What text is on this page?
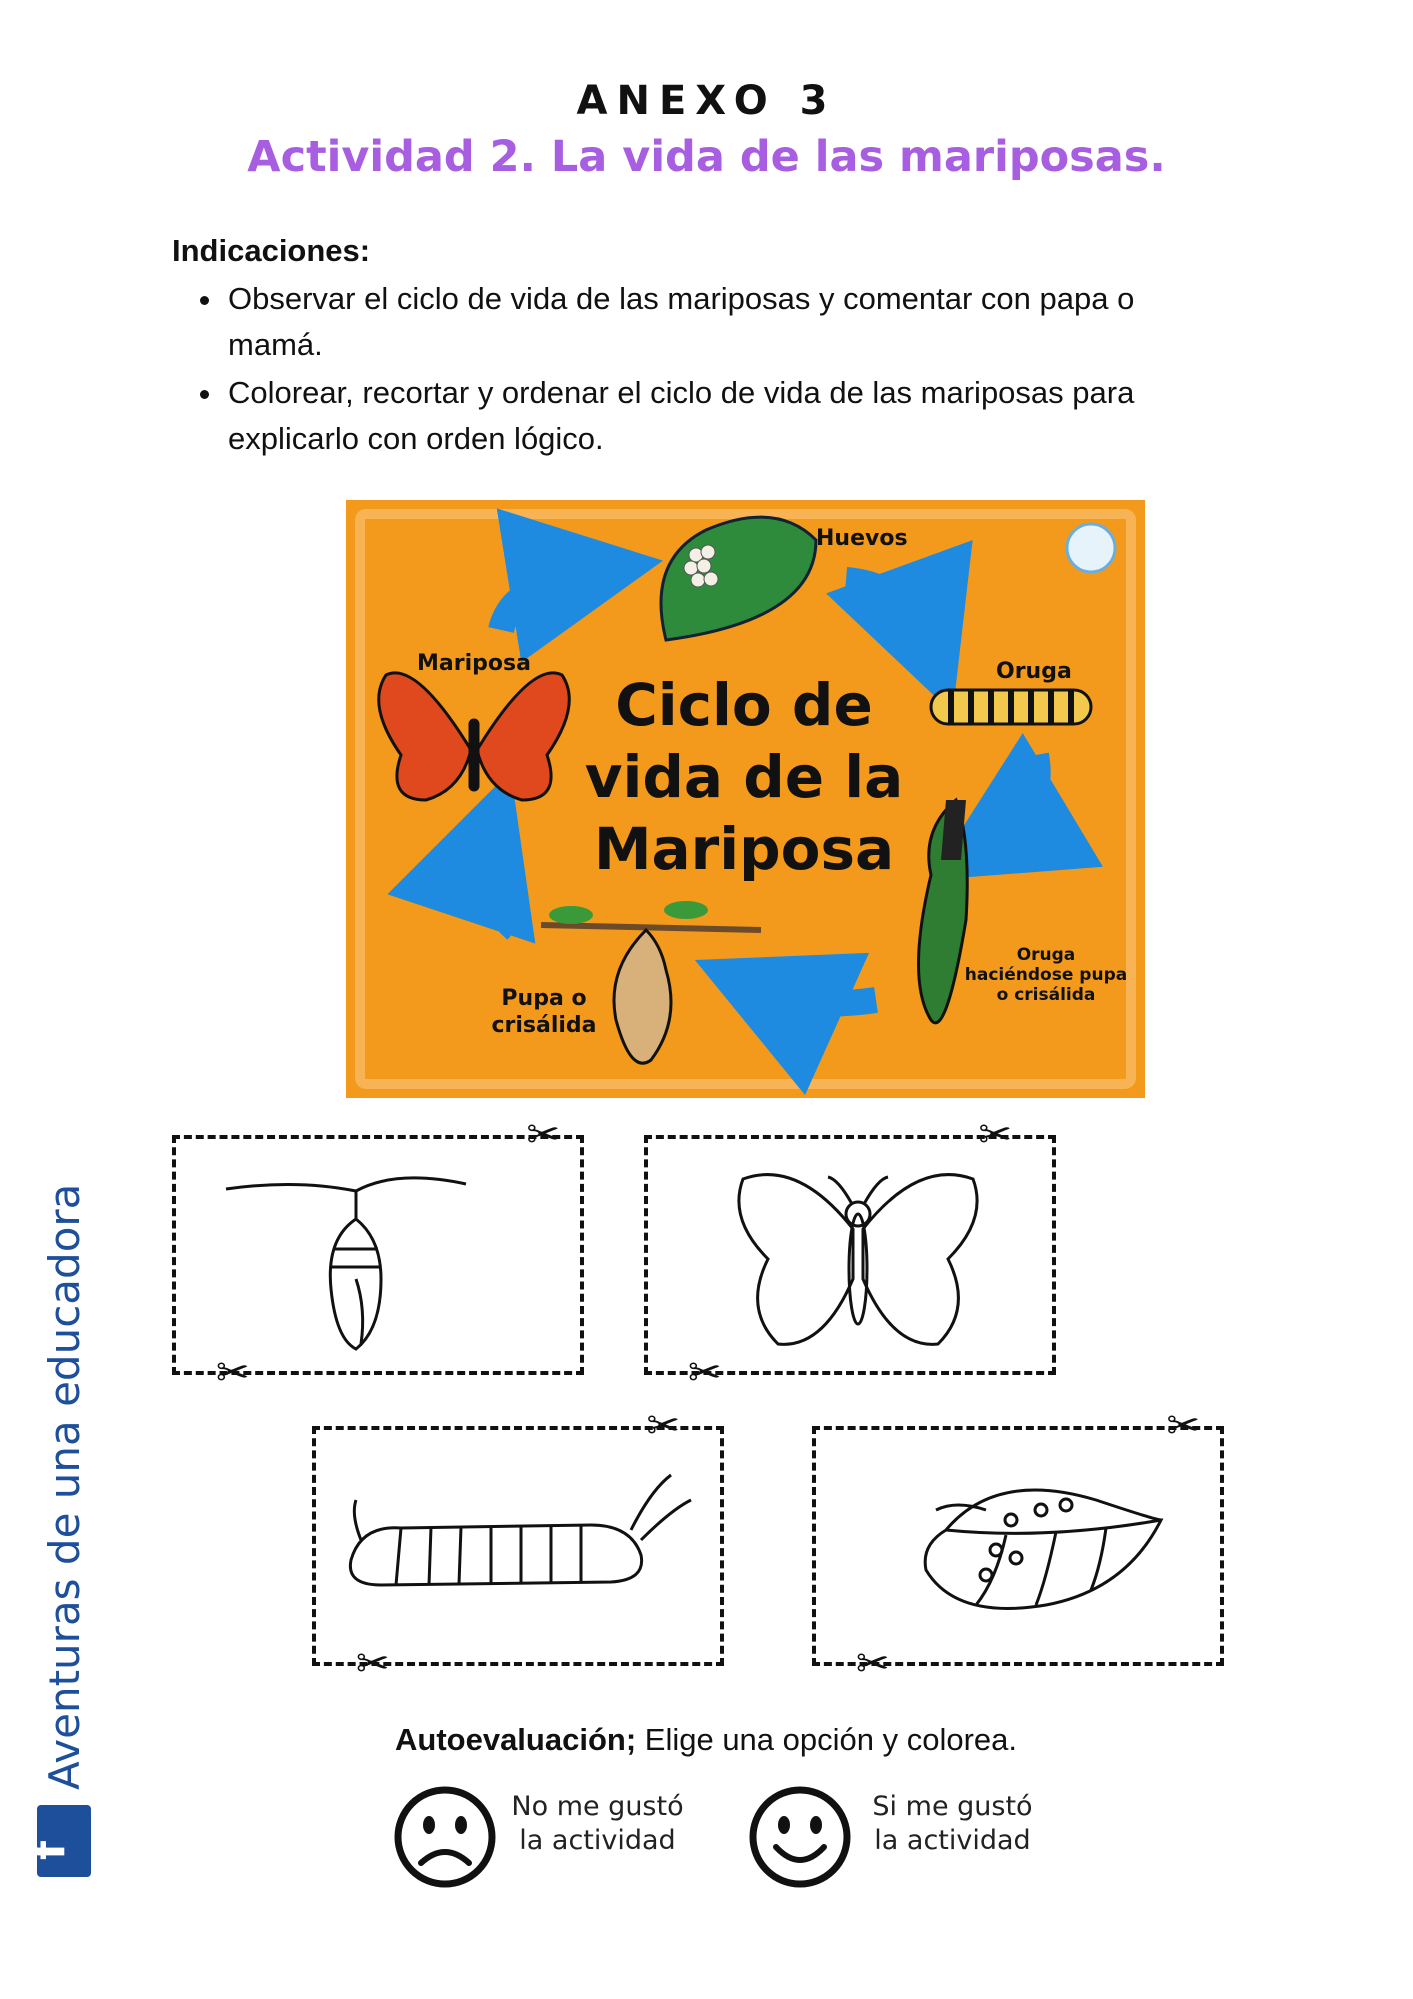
ANEXO 3
Actividad 2. La vida de las mariposas.
Indicaciones:
Observar el ciclo de vida de las mariposas y comentar con papa o mamá.
Colorear, recortar y ordenar el ciclo de vida de las mariposas para explicarlo con orden lógico.
Huevos
Oruga
Oruga
haciéndose pupa
o crisálida
Pupa o
crisálida
Mariposa
Ciclo de
vida de la
Mariposa
✂
✂
✂
✂
✂
✂
✂
✂
Autoevaluación; Elige una opción y colorea.
No me gustó
la actividad
Si me gustó
la actividad
f
Aventuras de una educadora
